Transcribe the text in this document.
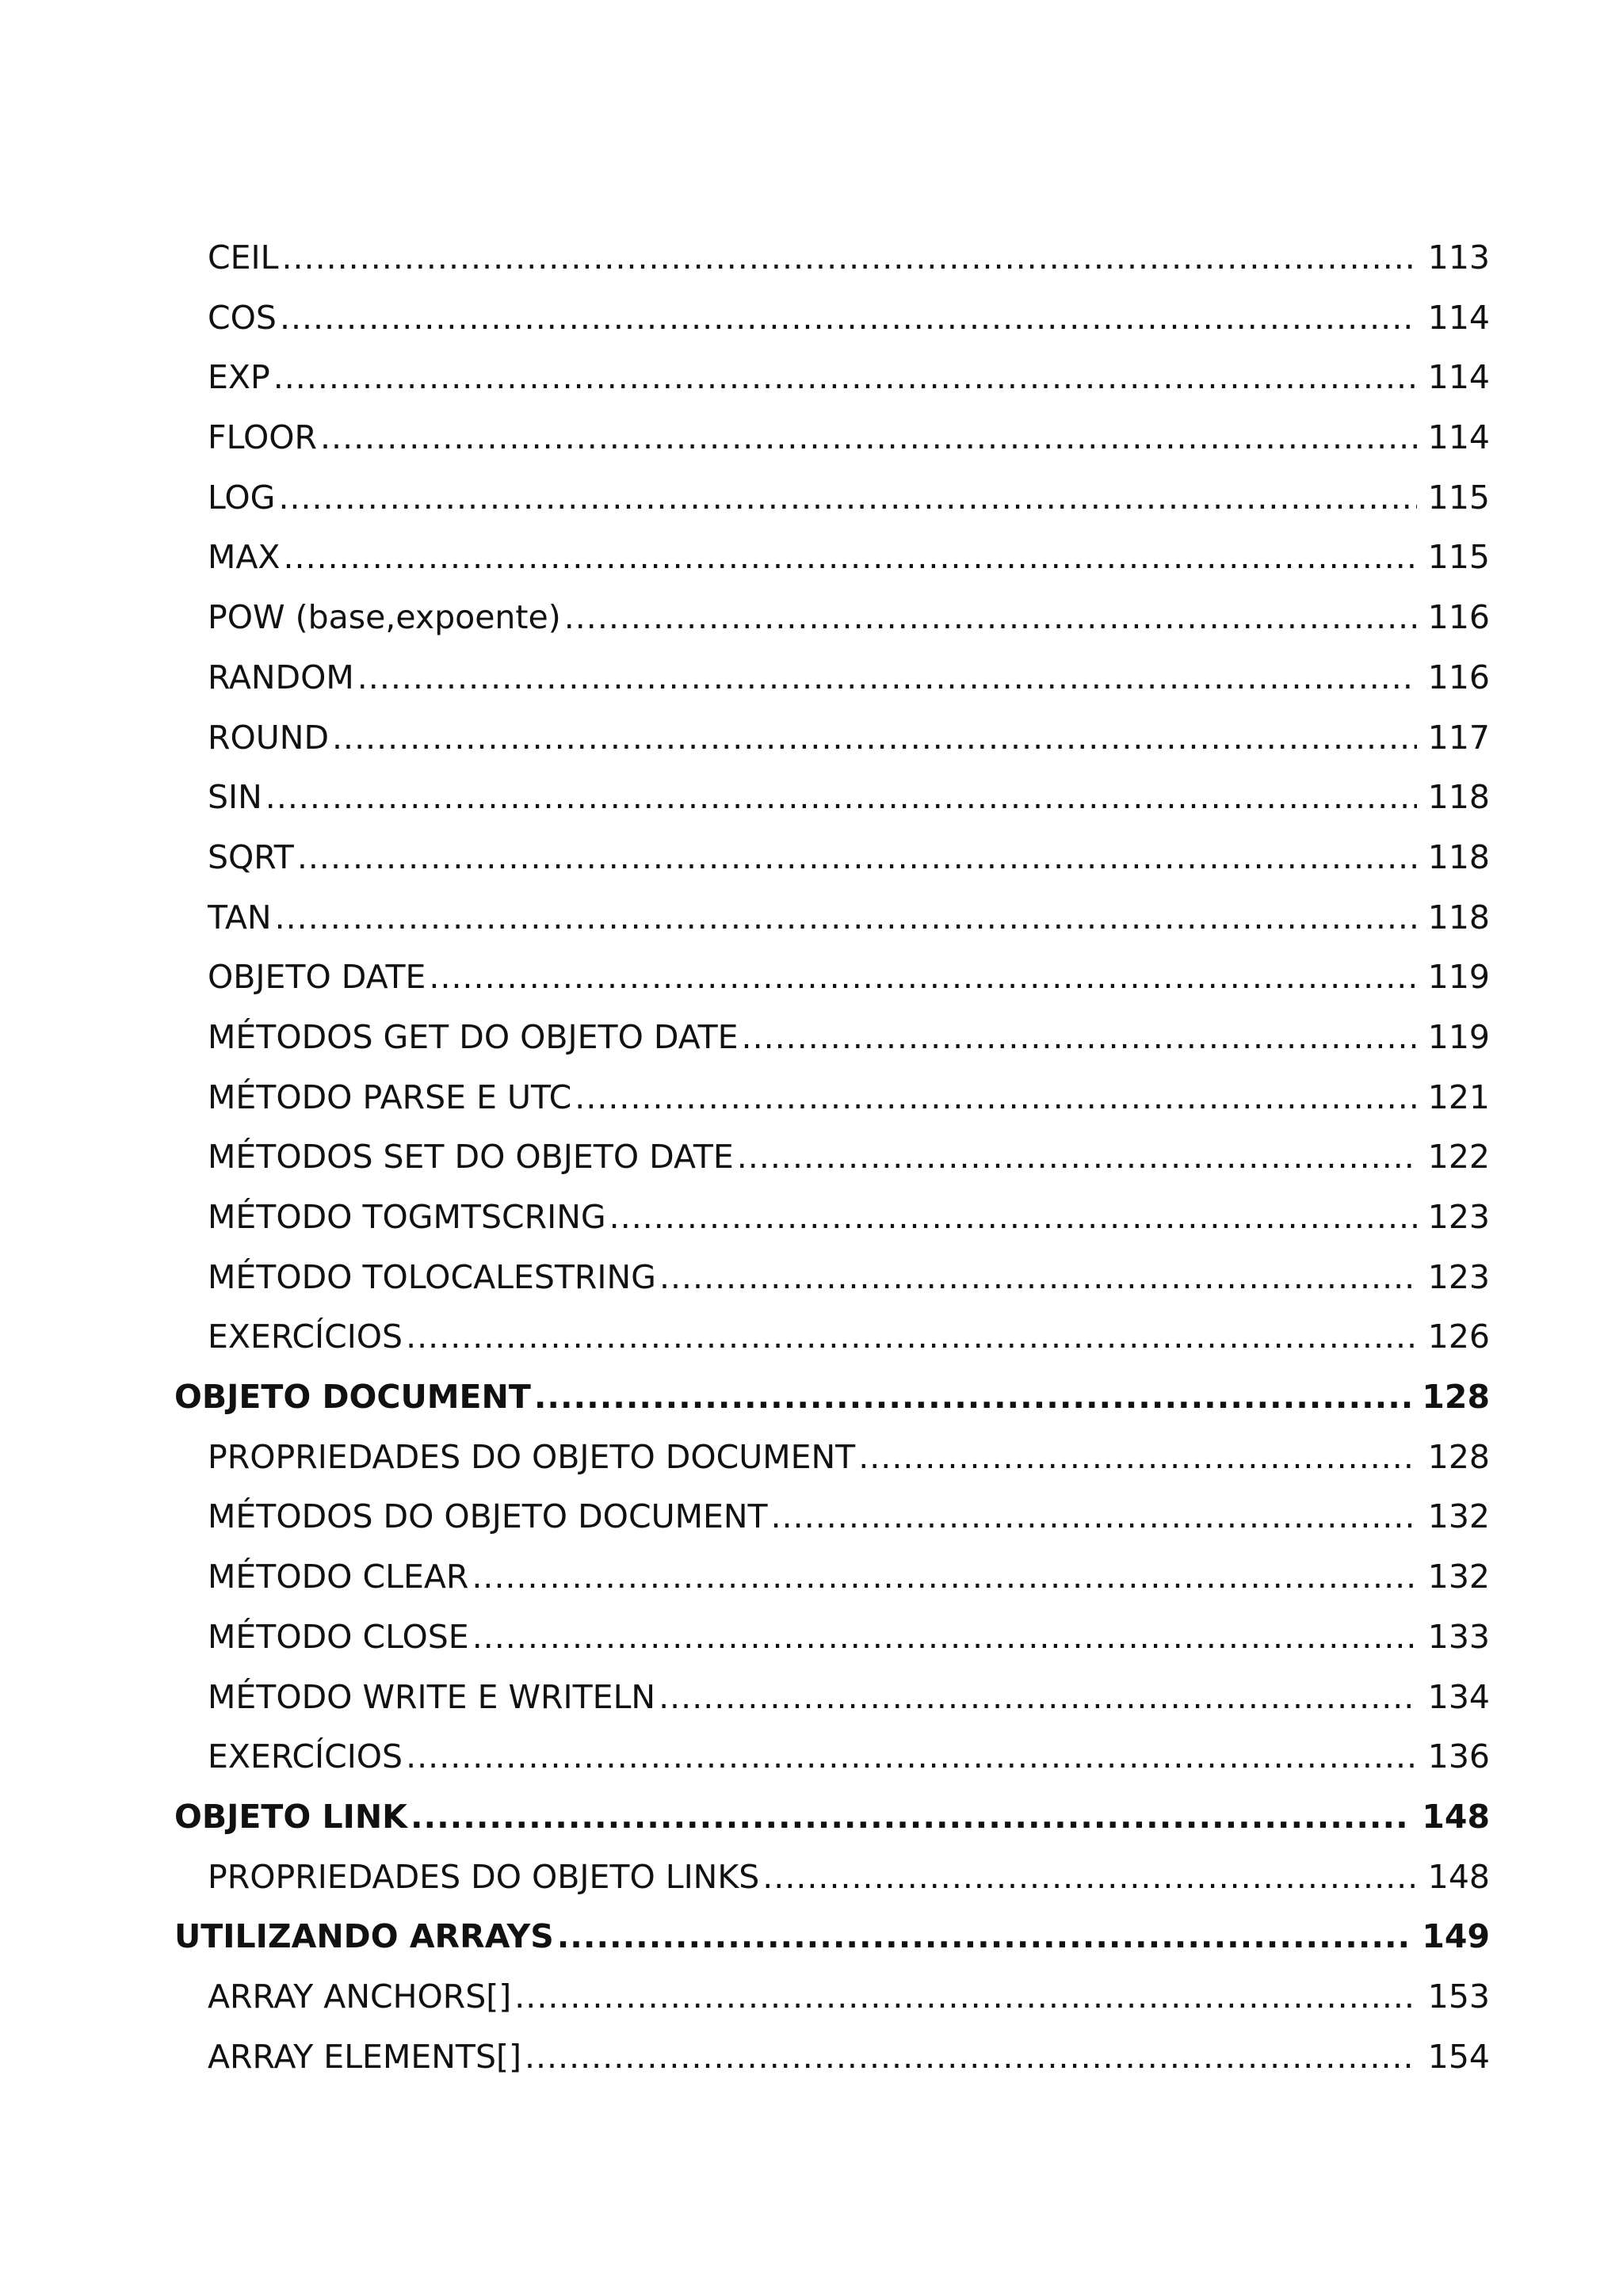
CEIL .....	113
COS .....	114
EXP .....	114
FLOOR .....	114
LOG .....	115
MAX .....	115
POW (base,expoente) .....	116
RANDOM .....	116
ROUND .....	117
SIN .....	118
SQRT .....	118
TAN .....	118
OBJETO DATE .....	119
MÉTODOS GET DO OBJETO DATE .....	119
MÉTODO PARSE E UTC .....	121
MÉTODOS SET DO OBJETO DATE .....	122
MÉTODO TOGMTSCRING .....	123
MÉTODO TOLOCALESTRING .....	123
EXERCÍCIOS .....	126
OBJETO DOCUMENT .....	128
PROPRIEDADES DO OBJETO DOCUMENT .....	128
MÉTODOS DO OBJETO DOCUMENT .....	132
MÉTODO CLEAR .....	132
MÉTODO CLOSE .....	133
MÉTODO WRITE E WRITELN .....	134
EXERCÍCIOS .....	136
OBJETO LINK .....	148
PROPRIEDADES DO OBJETO LINKS .....	148
UTILIZANDO ARRAYS .....	149
ARRAY ANCHORS[] .....	153
ARRAY ELEMENTS[] .....	154
